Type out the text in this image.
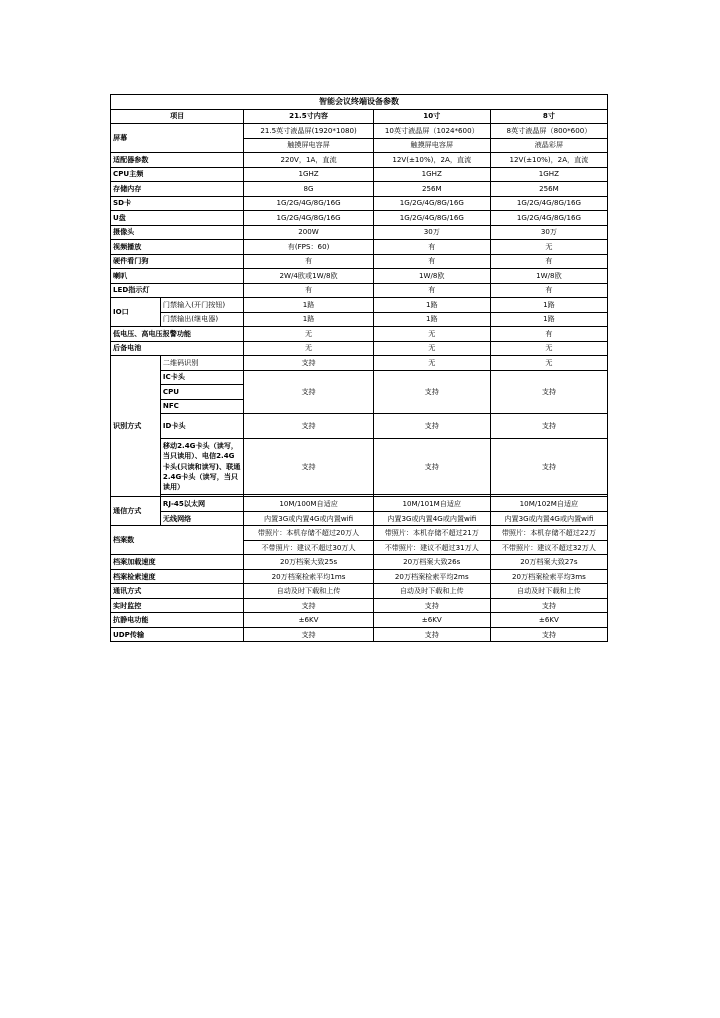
智能会议终端设备参数				
项目		21.5寸内容	10寸	8寸
屏幕		21.5英寸液晶屏(1920*1080)	10英寸液晶屏（1024*600）	8英寸液晶屏（800*600）
		触摸屏电容屏	触摸屏电容屏	液晶彩屏
适配器参数		220V，1A，直流	12V(±10%)，2A，直流	12V(±10%)，2A，直流
CPU主频		1GHZ	1GHZ	1GHZ
存储内存		8G	256M	256M
SD卡		1G/2G/4G/8G/16G	1G/2G/4G/8G/16G	1G/2G/4G/8G/16G
U盘		1G/2G/4G/8G/16G	1G/2G/4G/8G/16G	1G/2G/4G/8G/16G
摄像头		200W	30万	30万
视频播放		有(FPS：60)	有	无
硬件看门狗		有	有	有
喇叭		2W/4欧或1W/8欧	1W/8欧	1W/8欧
LED指示灯		有	有	有
IO口	门禁输入(开门按钮)	1路	1路	1路
	门禁输出(继电器)	1路	1路	1路
低电压、高电压报警功能		无	无	有
后备电池		无	无	无
识别方式	二维码识别	支持	无	无
	IC卡头	支持	支持	支持
	CPU			
	NFC			
	ID卡头	支持	支持	支持
	移动2.4G卡头（读写，当只读用）、电信2.4G卡头(只读和读写)、联通2.4G卡头（读写，当只读用）	支持	支持	支持

通信方式	RJ-45以太网	10M/100M自适应	10M/101M自适应	10M/102M自适应
	无线网络	内置3G或内置4G或内置wifi	内置3G或内置4G或内置wifi	内置3G或内置4G或内置wifi
档案数		带照片：本机存储不超过20万人	带照片：本机存储不超过21万	带照片：本机存储不超过22万
		不带照片：建议不超过30万人	不带照片：建议不超过31万人	不带照片：建议不超过32万人
档案加载速度		20万档案大致25s	20万档案大致26s	20万档案大致27s
档案检索速度		20万档案检索平均1ms	20万档案检索平均2ms	20万档案检索平均3ms
通讯方式		自动及时下载和上传	自动及时下载和上传	自动及时下载和上传
实时监控		支持	支持	支持
抗静电功能		±6KV	±6KV	±6KV
UDP传输		支持	支持	支持
